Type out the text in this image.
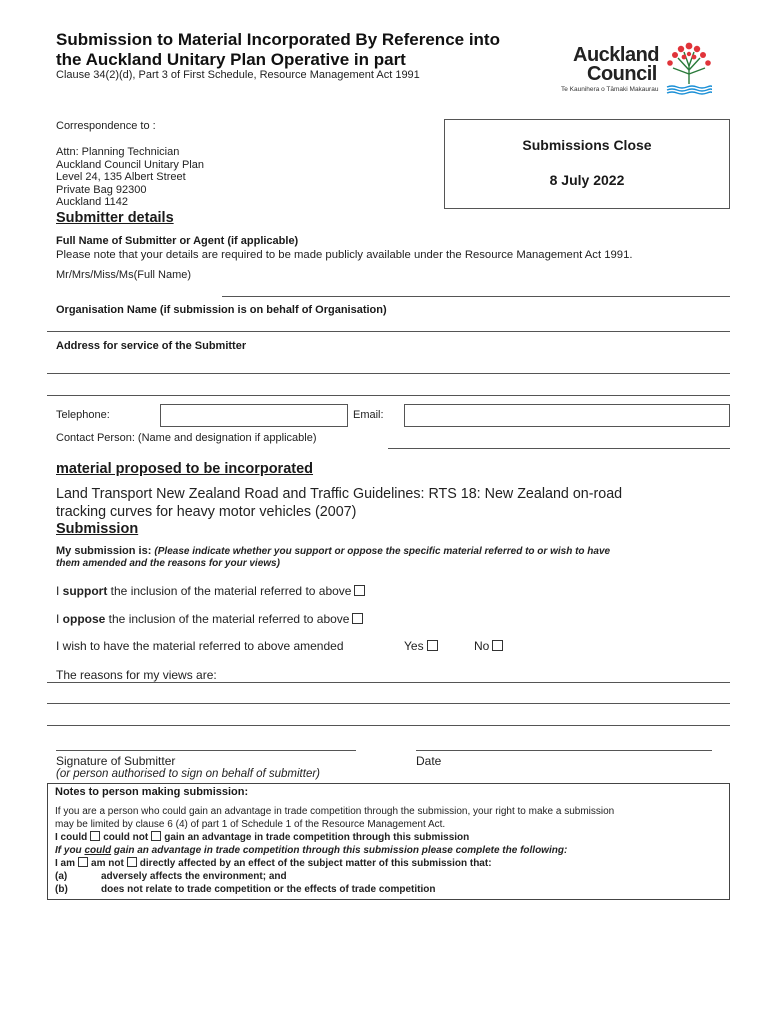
Submission to Material Incorporated By Reference into
the Auckland Unitary Plan Operative in part
Clause 34(2)(d), Part 3 of First Schedule, Resource Management Act 1991
Auckland
Council
Te Kaunihera o Tāmaki Makaurau
Correspondence to :
Attn: Planning Technician
Auckland Council Unitary Plan
Level 24, 135 Albert Street
Private Bag 92300
Auckland 1142
Submissions Close
8 July 2022
Submitter details
Full Name of Submitter or Agent (if applicable)
Please note that your details are required to be made publicly available under the Resource Management Act 1991.
Mr/Mrs/Miss/Ms(Full Name)
Organisation Name (if submission is on behalf of Organisation)
Address for service of the Submitter
Telephone:	Email:
Contact Person: (Name and designation if applicable)
material proposed to be incorporated
Land Transport New Zealand Road and Traffic Guidelines: RTS 18: New Zealand on-road
tracking curves for heavy motor vehicles (2007)
Submission
My submission is: (Please indicate whether you support or oppose the specific material referred to or wish to have
them amended and the reasons for your views)
I support the inclusion of the material referred to above
I oppose the inclusion of the material referred to above
I wish to have the material referred to above amended	Yes	No
The reasons for my views are:
Signature of Submitter
(or person authorised to sign on behalf of submitter)
Date
Notes to person making submission:
If you are a person who could gain an advantage in trade competition through the submission, your right to make a submission
may be limited by clause 6 (4) of part 1 of Schedule 1 of the Resource Management Act.
I could could not gain an advantage in trade competition through this submission
If you could gain an advantage in trade competition through this submission please complete the following:
I am am not directly affected by an effect of the subject matter of this submission that:
(a)	adversely affects the environment; and
(b)	does not relate to trade competition or the effects of trade competition
